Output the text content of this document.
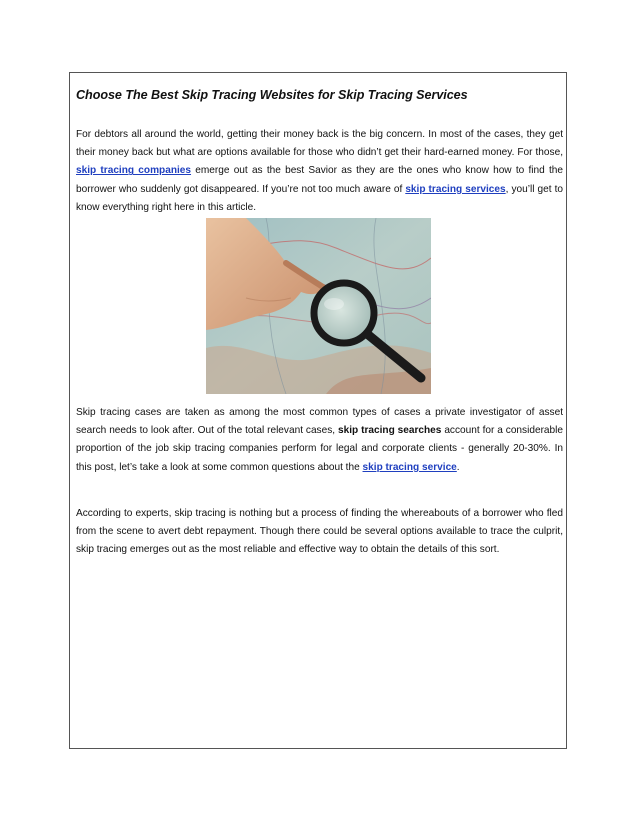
Choose The Best Skip Tracing Websites for Skip Tracing Services

For debtors all around the world, getting their money back is the big concern. In most of the cases, they get their money back but what are options available for those who didn’t get their hard-earned money. For those, skip tracing companies emerge out as the best Savior as they are the ones who know how to find the borrower who suddenly got disappeared. If you’re not too much aware of skip tracing services, you’ll get to know everything right here in this article.

Skip tracing cases are taken as among the most common types of cases a private investigator of asset search needs to look after. Out of the total relevant cases, skip tracing searches account for a considerable proportion of the job skip tracing companies perform for legal and corporate clients - generally 20-30%. In this post, let’s take a look at some common questions about the skip tracing service.

According to experts, skip tracing is nothing but a process of finding the whereabouts of a borrower who fled from the scene to avert debt repayment. Though there could be several options available to trace the culprit, skip tracing emerges out as the most reliable and effective way to obtain the details of this sort.
